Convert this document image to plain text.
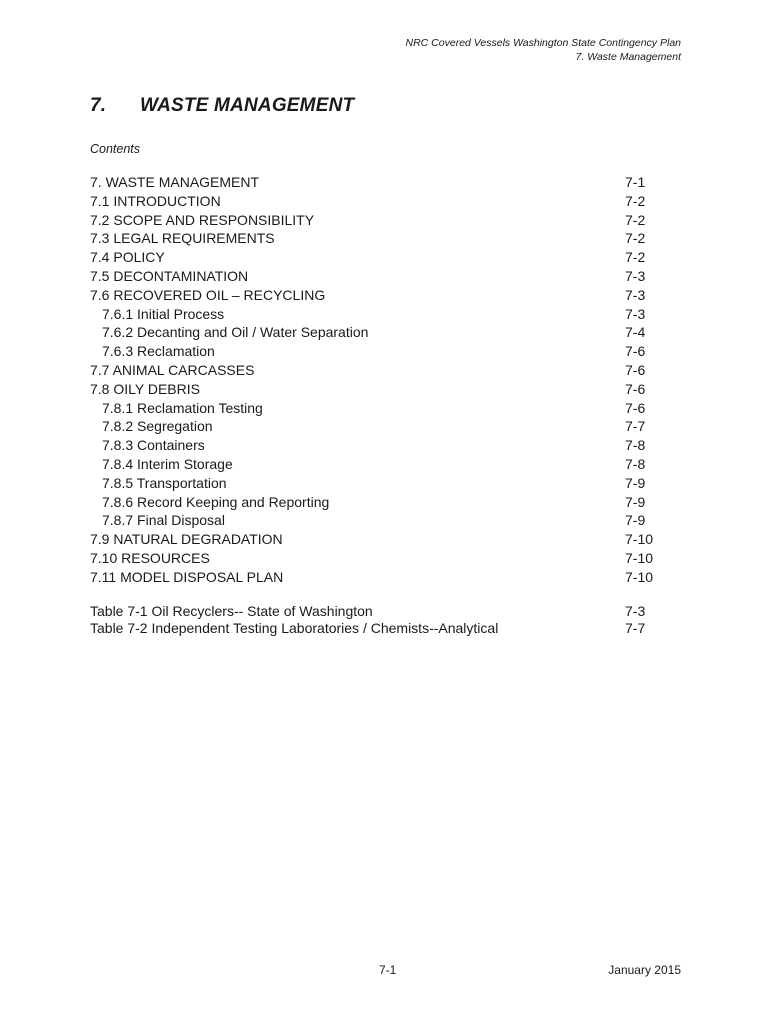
NRC Covered Vessels Washington State Contingency Plan
7. Waste Management
7.	WASTE MANAGEMENT
Contents
7. WASTE MANAGEMENT	7-1
7.1 INTRODUCTION	7-2
7.2 SCOPE AND RESPONSIBILITY	7-2
7.3 LEGAL REQUIREMENTS	7-2
7.4 POLICY	7-2
7.5 DECONTAMINATION	7-3
7.6 RECOVERED OIL – RECYCLING	7-3
7.6.1 Initial Process	7-3
7.6.2 Decanting and Oil / Water Separation	7-4
7.6.3 Reclamation	7-6
7.7 ANIMAL CARCASSES	7-6
7.8 OILY DEBRIS	7-6
7.8.1 Reclamation Testing	7-6
7.8.2 Segregation	7-7
7.8.3 Containers	7-8
7.8.4 Interim Storage	7-8
7.8.5 Transportation	7-9
7.8.6 Record Keeping and Reporting	7-9
7.8.7 Final Disposal	7-9
7.9 NATURAL DEGRADATION	7-10
7.10 RESOURCES	7-10
7.11 MODEL DISPOSAL PLAN	7-10
Table 7-1 Oil Recyclers-- State of Washington	7-3
Table 7-2 Independent Testing Laboratories / Chemists--Analytical	7-7
7-1	January 2015
